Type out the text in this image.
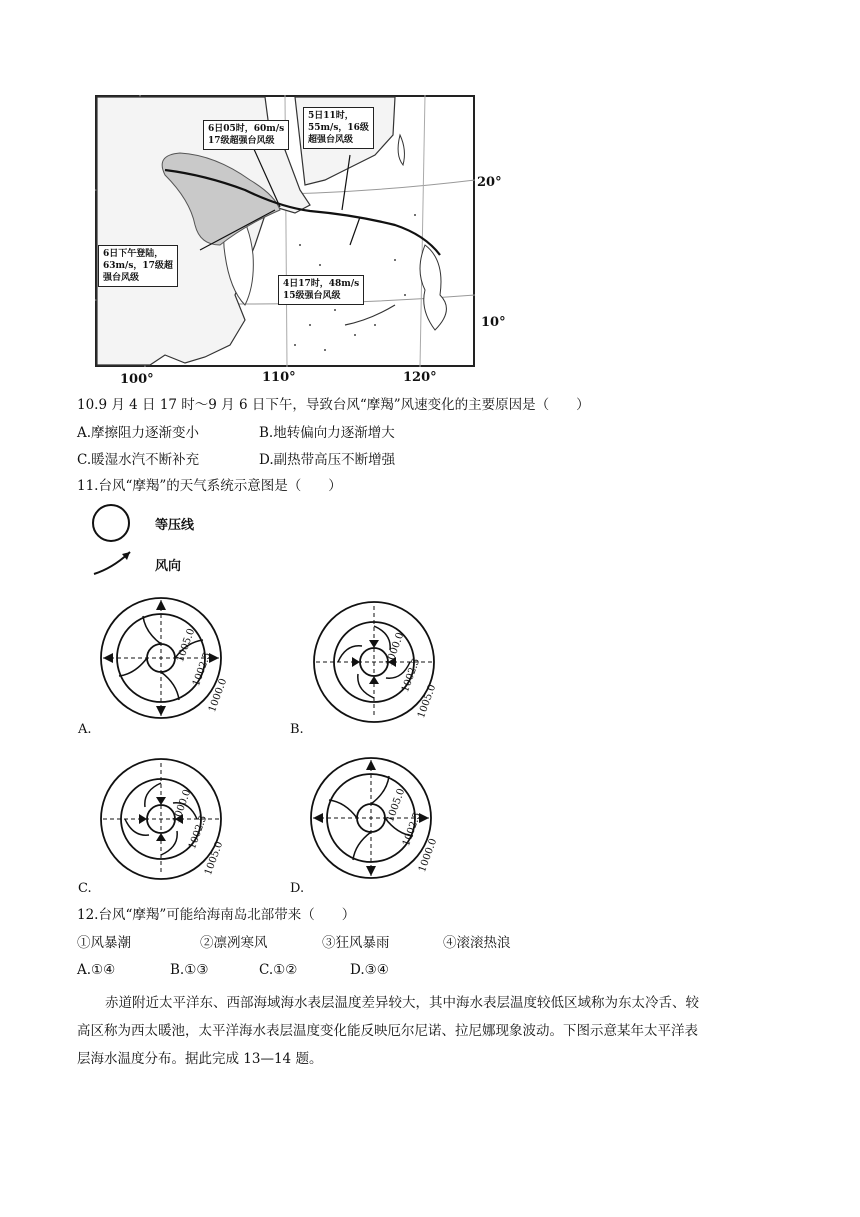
6日05时，60m/s
17级超强台风级
5日11时，
55m/s，16级
超强台风级
6日下午登陆，
63m/s，17级超
强台风级
4日17时，48m/s
15级强台风级
20°
10°
100°	110°	120°
10.9 月 4 日 17 时～9 月 6 日下午，导致台风“摩羯”风速变化的主要原因是（　　）
A.摩擦阻力逐渐变小	B.地转偏向力逐渐增大
C.暖湿水汽不断补充	D.副热带高压不断增强
11.台风“摩羯”的天气系统示意图是（　　）
等压线
风向
1005.0
1002.5
1000.0
A.
1000.0
1002.5
1005.0
B.
1000.0
1002.5
1005.0
C.
1005.0
1002.5
1000.0
D.
12.台风“摩羯”可能给海南岛北部带来（　　）
①风暴潮	②凛冽寒风	③狂风暴雨	④滚滚热浪
A.①④	B.①③	C.①②	D.③④
赤道附近太平洋东、西部海域海水表层温度差异较大，其中海水表层温度较低区域称为东太冷舌、较
高区称为西太暖池，太平洋海水表层温度变化能反映厄尔尼诺、拉尼娜现象波动。下图示意某年太平洋表
层海水温度分布。据此完成 13—14 题。
